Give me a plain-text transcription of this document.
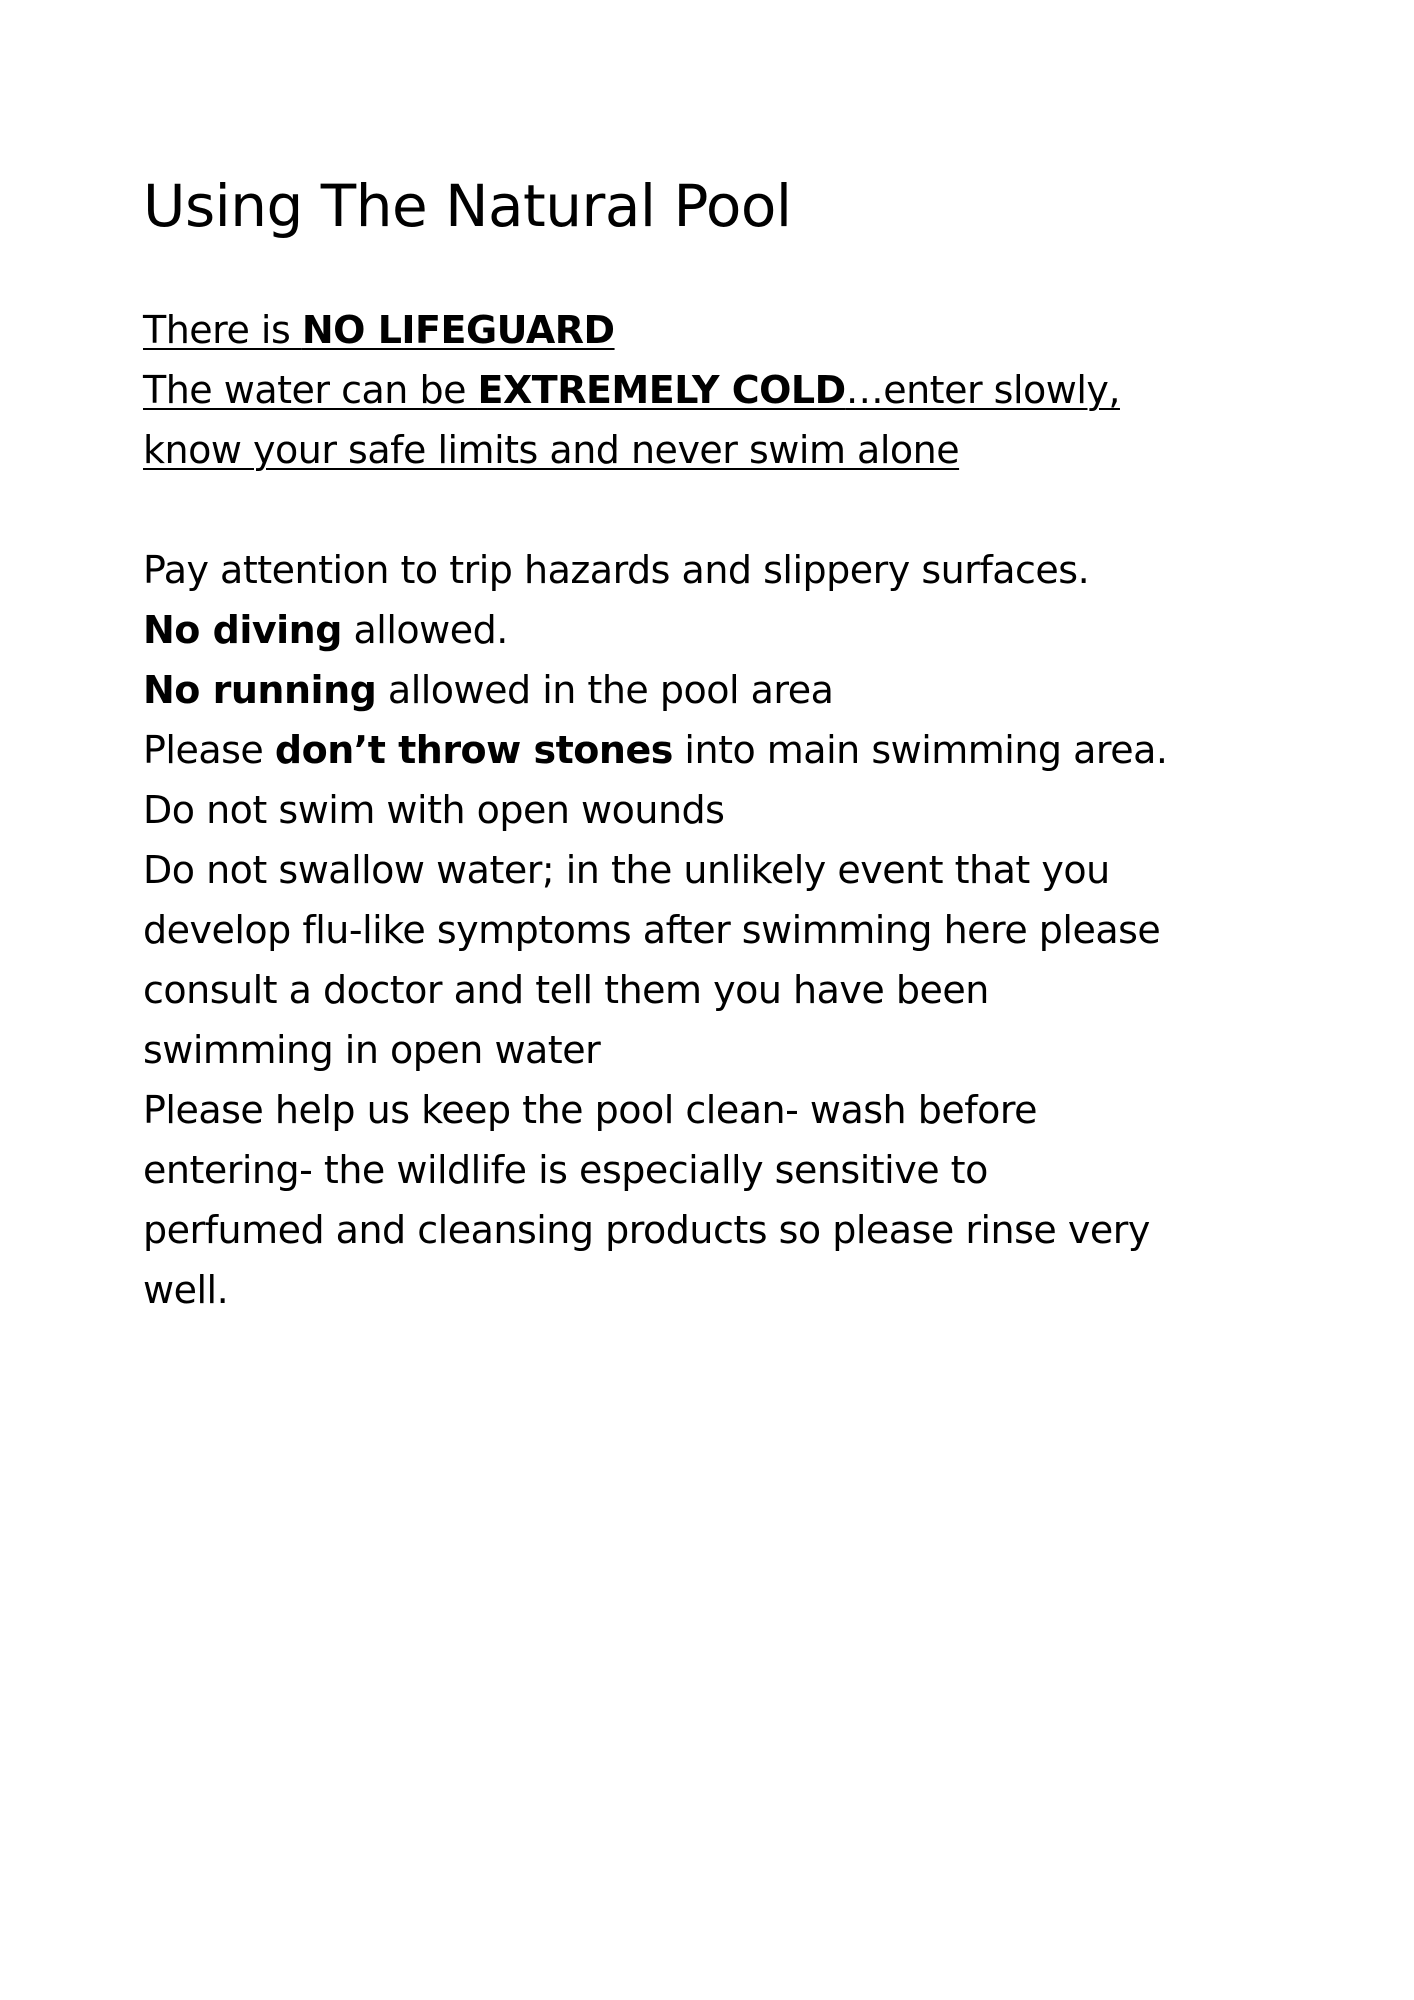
Using The Natural Pool
There is NO LIFEGUARD
The water can be EXTREMELY COLD…enter slowly,
know your safe limits and never swim alone
Pay attention to trip hazards and slippery surfaces.
No diving allowed.
No running allowed in the pool area
Please don’t throw stones into main swimming area.
Do not swim with open wounds
Do not swallow water; in the unlikely event that you
develop flu-like symptoms after swimming here please
consult a doctor and tell them you have been
swimming in open water
Please help us keep the pool clean- wash before
entering- the wildlife is especially sensitive to
perfumed and cleansing products so please rinse very
well.
